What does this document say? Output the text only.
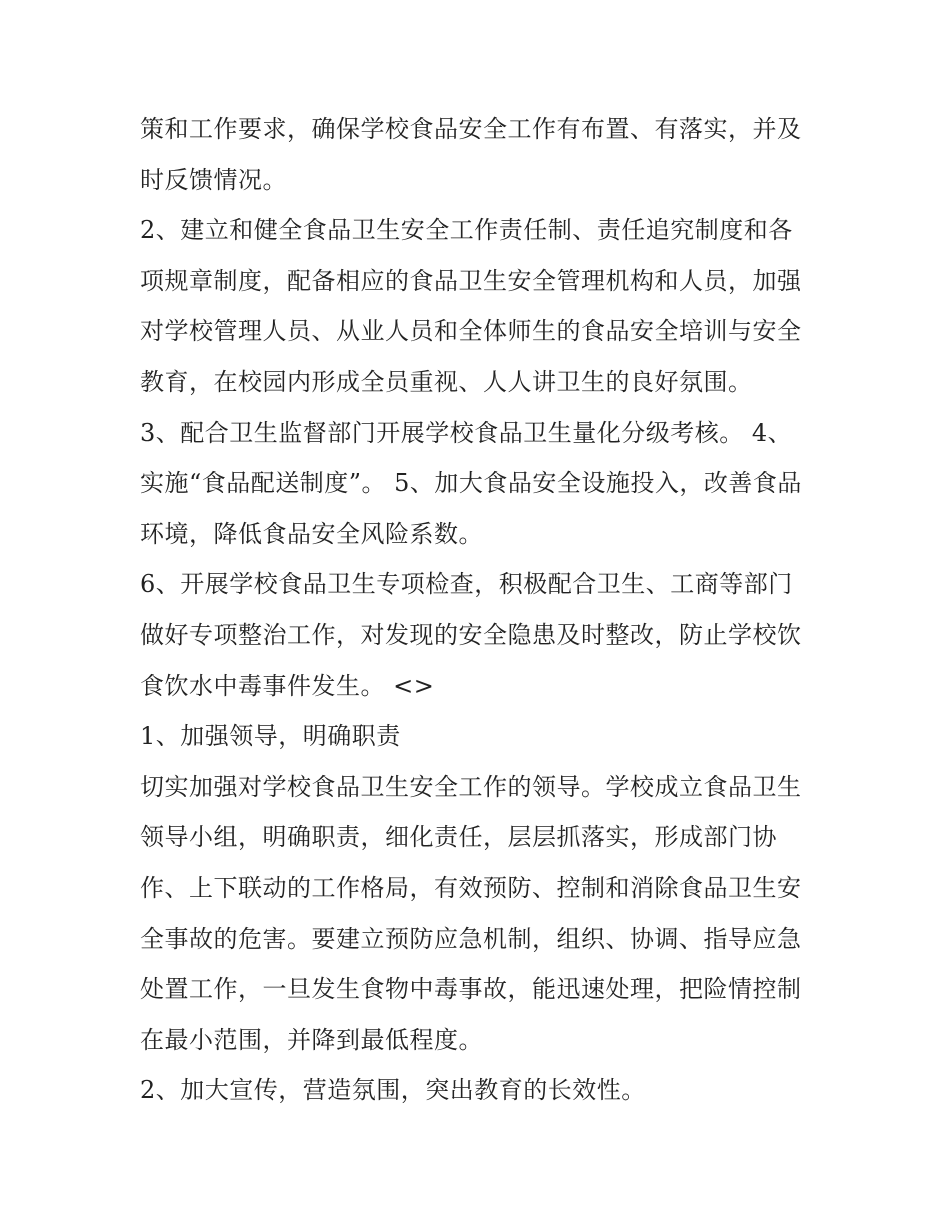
策和工作要求，确保学校食品安全工作有布置、有落实，并及
时反馈情况。
2、建立和健全食品卫生安全工作责任制、责任追究制度和各
项规章制度，配备相应的食品卫生安全管理机构和人员，加强
对学校管理人员、从业人员和全体师生的食品安全培训与安全
教育，在校园内形成全员重视、人人讲卫生的良好氛围。
3、配合卫生监督部门开展学校食品卫生量化分级考核。 4、
实施“食品配送制度”。 5、加大食品安全设施投入，改善食品
环境，降低食品安全风险系数。
6、开展学校食品卫生专项检查，积极配合卫生、工商等部门
做好专项整治工作，对发现的安全隐患及时整改，防止学校饮
食饮水中毒事件发生。 <>
1、加强领导，明确职责
切实加强对学校食品卫生安全工作的领导。学校成立食品卫生
领导小组，明确职责，细化责任，层层抓落实，形成部门协
作、上下联动的工作格局，有效预防、控制和消除食品卫生安
全事故的危害。要建立预防应急机制，组织、协调、指导应急
处置工作，一旦发生食物中毒事故，能迅速处理，把险情控制
在最小范围，并降到最低程度。
2、加大宣传，营造氛围，突出教育的长效性。
